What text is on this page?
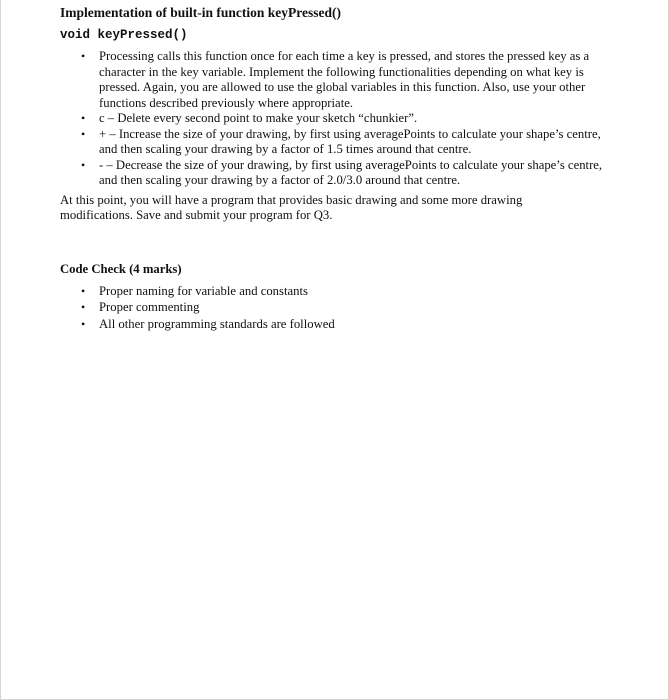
Implementation of built-in function keyPressed()
void keyPressed()
• Processing calls this function once for each time a key is pressed, and stores the pressed key as a character in the key variable. Implement the following functionalities depending on what key is pressed. Again, you are allowed to use the global variables in this function. Also, use your other functions described previously where appropriate.
• c – Delete every second point to make your sketch “chunkier”.
• + – Increase the size of your drawing, by first using averagePoints to calculate your shape’s centre, and then scaling your drawing by a factor of 1.5 times around that centre.
• - – Decrease the size of your drawing, by first using averagePoints to calculate your shape’s centre, and then scaling your drawing by a factor of 2.0/3.0 around that centre.

At this point, you will have a program that provides basic drawing and some more drawing modifications. Save and submit your program for Q3.

Code Check (4 marks)
• Proper naming for variable and constants
• Proper commenting
• All other programming standards are followed
